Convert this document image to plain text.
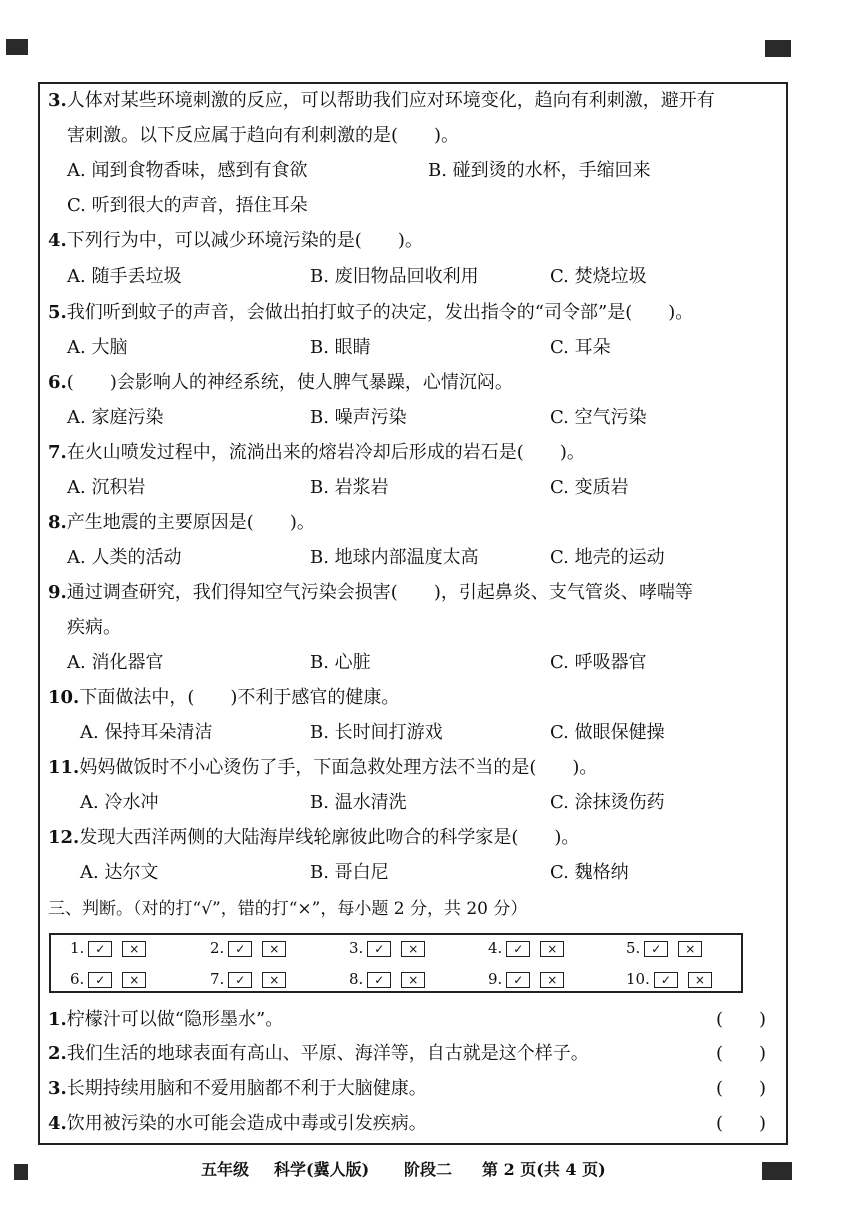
3.人体对某些环境刺激的反应，可以帮助我们应对环境变化，趋向有利刺激，避开有
害刺激。以下反应属于趋向有利刺激的是(　　)。
A. 闻到食物香味，感到有食欲	B. 碰到烫的水杯，手缩回来
C. 听到很大的声音，捂住耳朵
4.下列行为中，可以减少环境污染的是(　　)。
A. 随手丢垃圾	B. 废旧物品回收利用	C. 焚烧垃圾
5.我们听到蚊子的声音，会做出拍打蚊子的决定，发出指令的“司令部”是(　　)。
A. 大脑	B. 眼睛	C. 耳朵
6.(　　)会影响人的神经系统，使人脾气暴躁，心情沉闷。
A. 家庭污染	B. 噪声污染	C. 空气污染
7.在火山喷发过程中，流淌出来的熔岩冷却后形成的岩石是(　　)。
A. 沉积岩	B. 岩浆岩	C. 变质岩
8.产生地震的主要原因是(　　)。
A. 人类的活动	B. 地球内部温度太高	C. 地壳的运动
9.通过调查研究，我们得知空气污染会损害(　　)，引起鼻炎、支气管炎、哮喘等
疾病。
A. 消化器官	B. 心脏	C. 呼吸器官
10.下面做法中，(　　)不利于感官的健康。
A. 保持耳朵清洁	B. 长时间打游戏	C. 做眼保健操
11.妈妈做饭时不小心烫伤了手，下面急救处理方法不当的是(　　)。
A. 冷水冲	B. 温水清洗	C. 涂抹烫伤药
12.发现大西洋两侧的大陆海岸线轮廓彼此吻合的科学家是(　　)。
A. 达尔文	B. 哥白尼	C. 魏格纳
三、判断。（对的打“√”，错的打“×”，每小题 2 分，共 20 分）
1. ✓ ×	2. ✓ ×	3. ✓ ×	4. ✓ ×	5. ✓ ×
6. ✓ ×	7. ✓ ×	8. ✓ ×	9. ✓ ×	10. ✓ ×
1.柠檬汁可以做“隐形墨水”。	(　　)
2.我们生活的地球表面有高山、平原、海洋等，自古就是这个样子。	(　　)
3.长期持续用脑和不爱用脑都不利于大脑健康。	(　　)
4.饮用被污染的水可能会造成中毒或引发疾病。	(　　)
五年级 科学(冀人版) 阶段二 第 2 页(共 4 页)
